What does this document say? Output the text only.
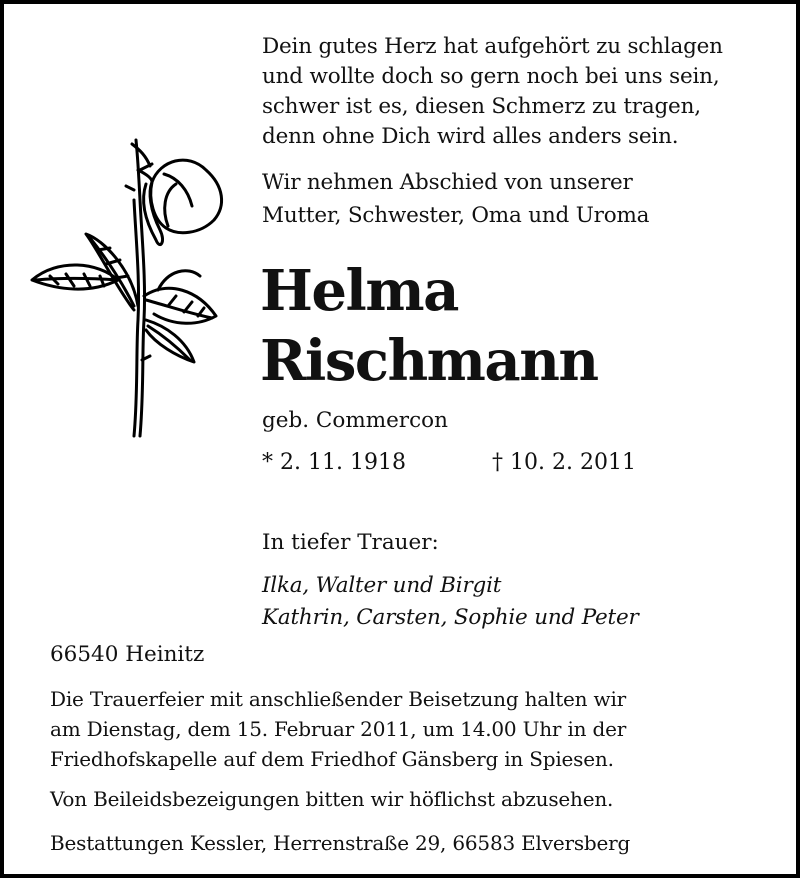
Dein gutes Herz hat aufgehört zu schlagen
und wollte doch so gern noch bei uns sein,
schwer ist es, diesen Schmerz zu tragen,
denn ohne Dich wird alles anders sein.
Wir nehmen Abschied von unserer
Mutter, Schwester, Oma und Uroma
Helma
Rischmann
geb. Commercon
* 2. 11. 1918	† 10. 2. 2011
In tiefer Trauer:
Ilka, Walter und Birgit
Kathrin, Carsten, Sophie und Peter
66540 Heinitz
Die Trauerfeier mit anschließender Beisetzung halten wir
am Dienstag, dem 15. Februar 2011, um 14.00 Uhr in der
Friedhofskapelle auf dem Friedhof Gänsberg in Spiesen.
Von Beileidsbezeigungen bitten wir höflichst abzusehen.
Bestattungen Kessler, Herrenstraße 29, 66583 Elversberg
